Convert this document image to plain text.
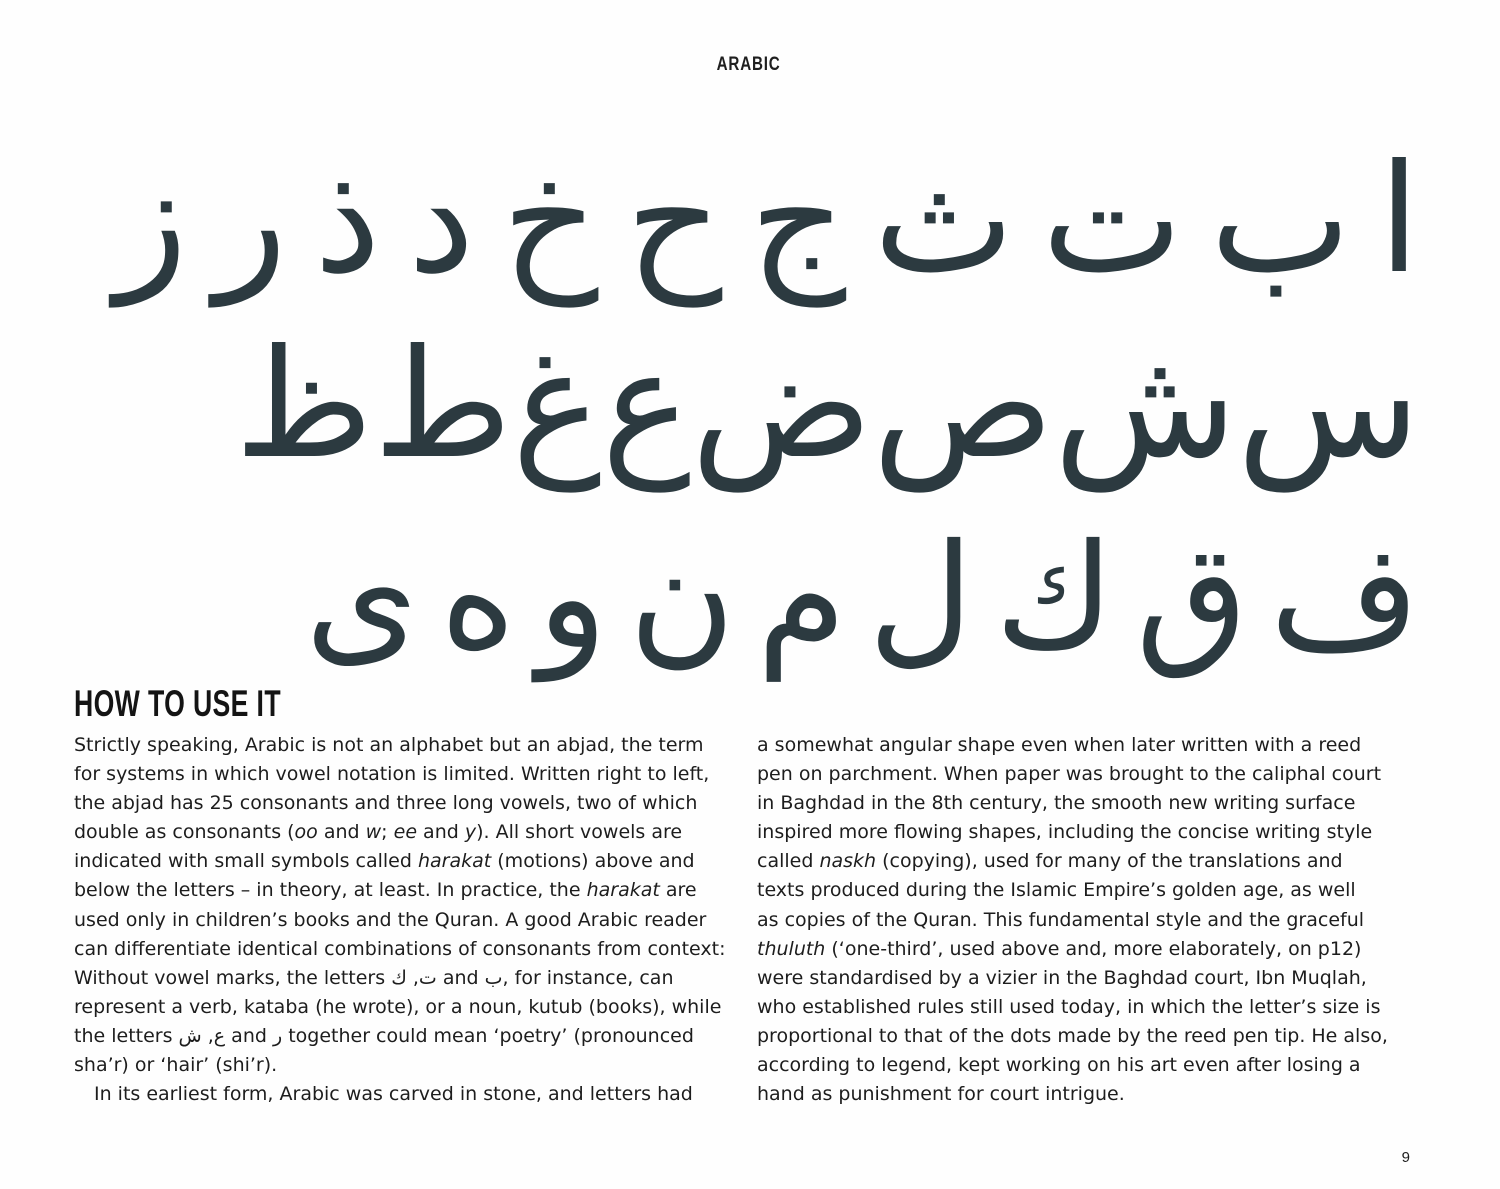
ARABIC
ا
ب
ت
ث
ج
ح
خ
د
ذ
ر
ز
س
ش
ص
ض
ع
غ
ط
ظ
ف
ق
ك
ل
م
ن
و
ه
ى
HOW TO USE IT

Strictly speaking, Arabic is not an alphabet but an abjad, the term

for systems in which vowel notation is limited. Written right to left,

the abjad has 25 consonants and three long vowels, two of which

double as consonants (oo and w; ee and y). All short vowels are

indicated with small symbols called harakat (motions) above and

below the letters – in theory, at least. In practice, the harakat are

used only in children’s books and the Quran. A good Arabic reader

can differentiate identical combinations of consonants from context:

Without vowel marks, the letters ت, ك and ب, for instance, can

represent a verb, kataba (he wrote), or a noun, kutub (books), while

the letters ع, ش and ر together could mean ‘poetry’ (pronounced

sha’r) or ‘hair’ (shi’r).

In its earliest form, Arabic was carved in stone, and letters had

a somewhat angular shape even when later written with a reed

pen on parchment. When paper was brought to the caliphal court

in Baghdad in the 8th century, the smooth new writing surface

inspired more flowing shapes, including the concise writing style

called naskh (copying), used for many of the translations and

texts produced during the Islamic Empire’s golden age, as well

as copies of the Quran. This fundamental style and the graceful

thuluth (‘one-third’, used above and, more elaborately, on p12)

were standardised by a vizier in the Baghdad court, Ibn Muqlah,

who established rules still used today, in which the letter’s size is

proportional to that of the dots made by the reed pen tip. He also,

according to legend, kept working on his art even after losing a

hand as punishment for court intrigue.

9
